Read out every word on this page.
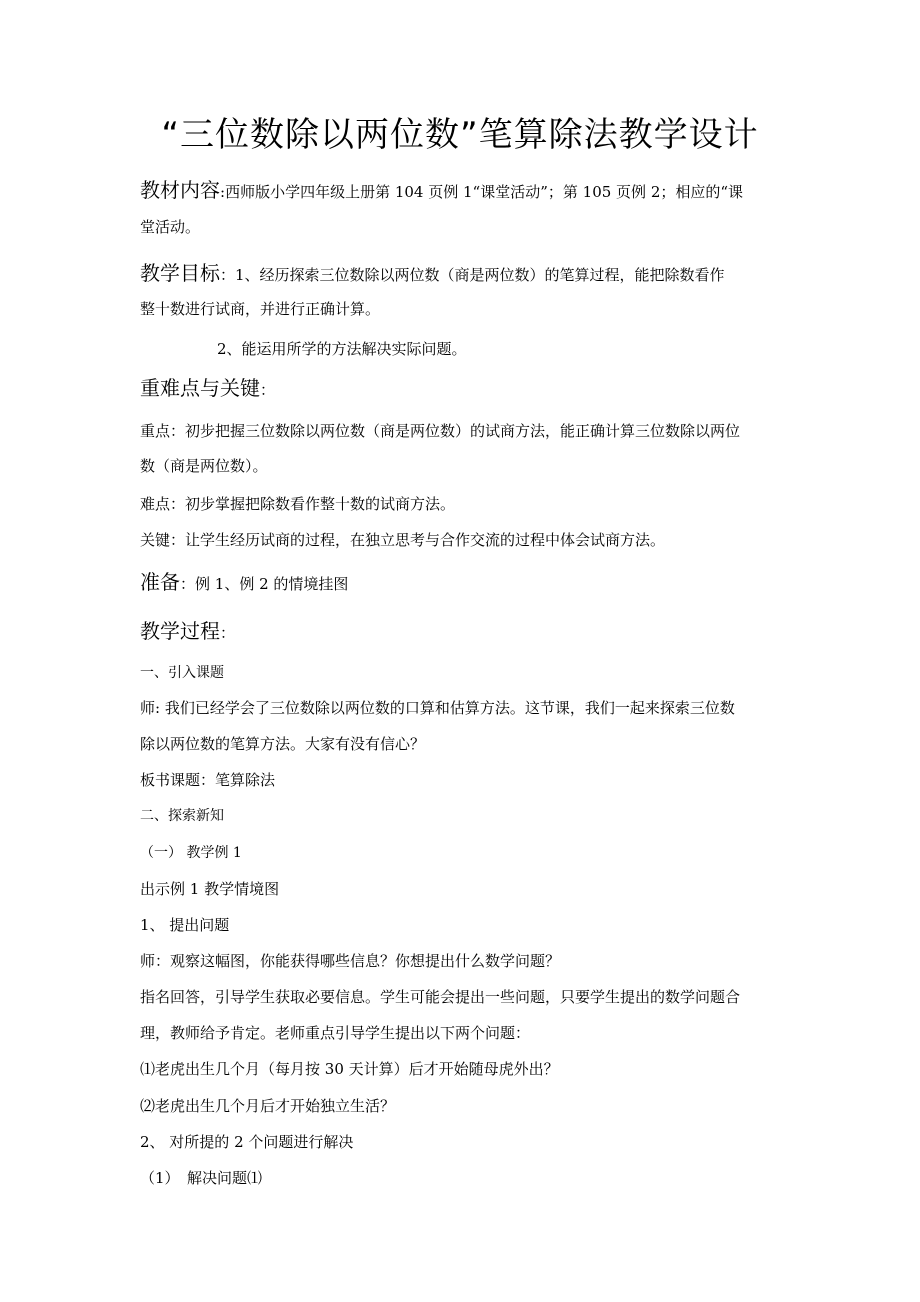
“三位数除以两位数”笔算除法教学设计
教材内容:西师版小学四年级上册第 104 页例 1“课堂活动”；第 105 页例 2；相应的“课
堂活动。
教学目标：1、经历探索三位数除以两位数（商是两位数）的笔算过程，能把除数看作
整十数进行试商，并进行正确计算。
2、能运用所学的方法解决实际问题。
重难点与关键：
重点：初步把握三位数除以两位数（商是两位数）的试商方法，能正确计算三位数除以两位
数（商是两位数）。
难点：初步掌握把除数看作整十数的试商方法。
关键：让学生经历试商的过程，在独立思考与合作交流的过程中体会试商方法。
准备：例 1、例 2 的情境挂图
教学过程：
一、引入课题
师: 我们已经学会了三位数除以两位数的口算和估算方法。这节课，我们一起来探索三位数
除以两位数的笔算方法。大家有没有信心？
板书课题：笔算除法
二、探索新知
（一） 教学例 1
出示例 1 教学情境图
1、 提出问题
师：观察这幅图，你能获得哪些信息？你想提出什么数学问题？
指名回答，引导学生获取必要信息。学生可能会提出一些问题，只要学生提出的数学问题合
理，教师给予肯定。老师重点引导学生提出以下两个问题：
⑴老虎出生几个月（每月按 30 天计算）后才开始随母虎外出？
⑵老虎出生几个月后才开始独立生活？
2、 对所提的 2 个问题进行解决
（1）　解决问题⑴
